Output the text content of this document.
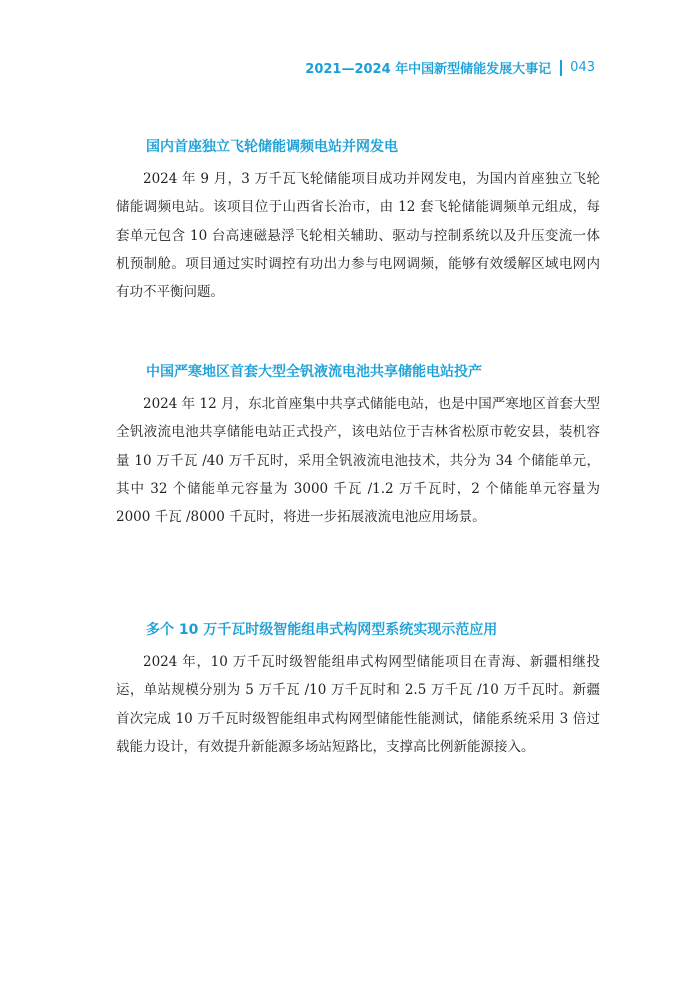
2021—2024 年中国新型储能发展大事记 043
国内首座独立飞轮储能调频电站并网发电

2024 年 9 月，3 万千瓦飞轮储能项目成功并网发电，为国内首座独立飞轮储能调频电站。该项目位于山西省长治市，由 12 套飞轮储能调频单元组成，每套单元包含 10 台高速磁悬浮飞轮相关辅助、驱动与控制系统以及升压变流一体机预制舱。项目通过实时调控有功出力参与电网调频，能够有效缓解区域电网内有功不平衡问题。

中国严寒地区首套大型全钒液流电池共享储能电站投产

2024 年 12 月，东北首座集中共享式储能电站，也是中国严寒地区首套大型全钒液流电池共享储能电站正式投产，该电站位于吉林省松原市乾安县，装机容量 10 万千瓦 /40 万千瓦时，采用全钒液流电池技术，共分为 34 个储能单元，其中 32 个储能单元容量为 3000 千瓦 /1.2 万千瓦时，2 个储能单元容量为 2000 千瓦 /8000 千瓦时，将进一步拓展液流电池应用场景。

多个 10 万千瓦时级智能组串式构网型系统实现示范应用

2024 年，10 万千瓦时级智能组串式构网型储能项目在青海、新疆相继投运，单站规模分别为 5 万千瓦 /10 万千瓦时和 2.5 万千瓦 /10 万千瓦时。新疆首次完成 10 万千瓦时级智能组串式构网型储能性能测试，储能系统采用 3 倍过载能力设计，有效提升新能源多场站短路比，支撑高比例新能源接入。
